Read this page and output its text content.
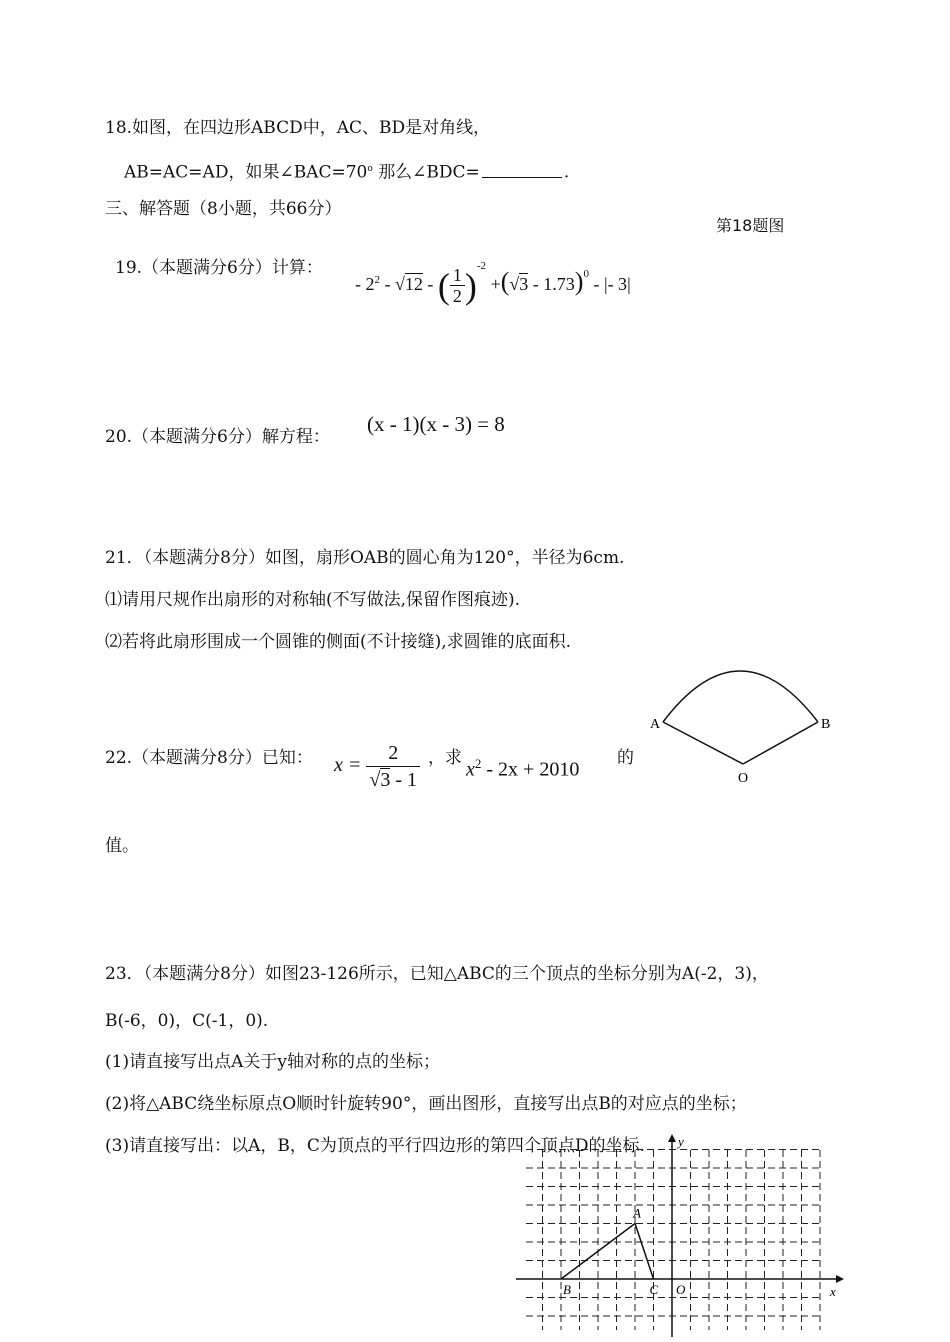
18.如图，在四边形ABCD中，AC、BD是对角线，
AB=AC=AD，如果$\angle BAC=70^o$ 那么∠BDC=	.
三、解答题（8小题，共66分）
第18题图
19.（本题满分6分）计算：
- $2^2 - √12$ - ( $\frac{1}{2} )^{-2} +(√3 - 1.73)^0$ - |- 3|
20.（本题满分6分）解方程：
(x - 1)(x - 3) = 8
21．（本题满分8分）如图，扇形OAB的圆心角为120°，半径为6cm.
⑴请用尺规作出扇形的对称轴(不写做法,保留作图痕迹).
⑵若将此扇形围成一个圆锥的侧面(不计接缝),求圆锥的底面积.
A	B
O
22.（本题满分8分）已知： $x = \frac{2}{√3 - 1}$ ，求
$x^2 - 2x + 2010$
的
值。
23．（本题满分8分）如图23-126所示，已知△ABC的三个顶点的坐标分别为A(-2，3)，
B(-6，0)，C(-1，0).
(1)请直接写出点A关于y轴对称的点的坐标；
(2)将△ABC绕坐标原点O顺时针旋转90°，画出图形，直接写出点B的对应点的坐标；
(3)请直接写出：以A，B，C为顶点的平行四边形的第四个顶点D的坐标.	y
x
A
B	C O
